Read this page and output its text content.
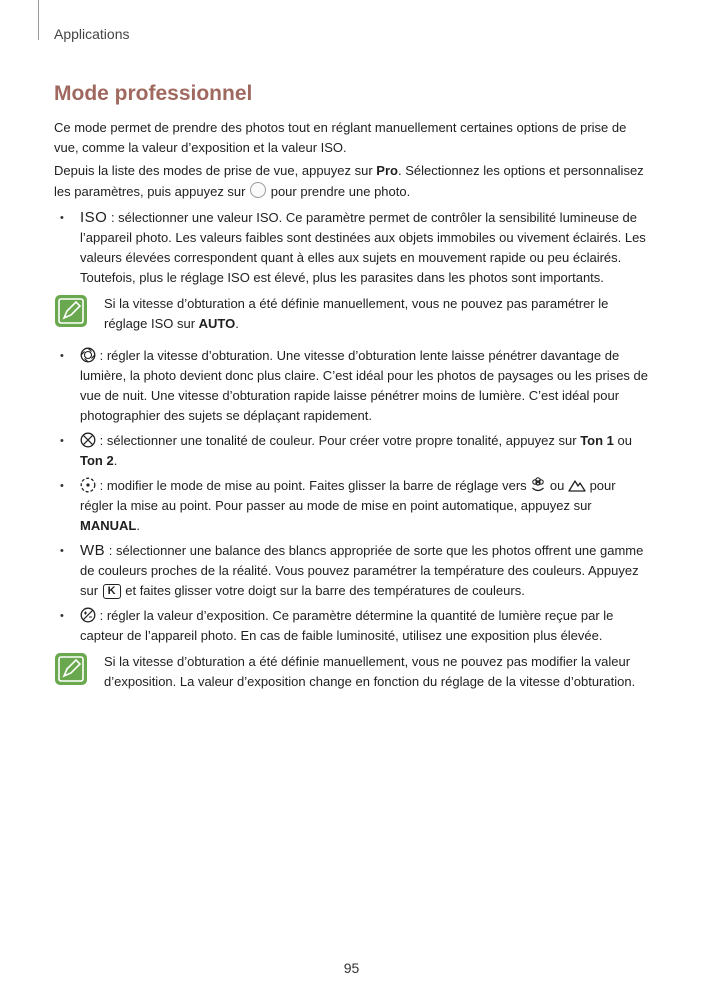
Applications
Mode professionnel

Ce mode permet de prendre des photos tout en réglant manuellement certaines options de prise de vue, comme la valeur d’exposition et la valeur ISO.

Depuis la liste des modes de prise de vue, appuyez sur Pro. Sélectionnez les options et personnalisez les paramètres, puis appuyez sur  pour prendre une photo.

• ISO : sélectionner une valeur ISO. Ce paramètre permet de contrôler la sensibilité lumineuse de l’appareil photo. Les valeurs faibles sont destinées aux objets immobiles ou vivement éclairés. Les valeurs élevées correspondent quant à elles aux sujets en mouvement rapide ou peu éclairés. Toutefois, plus le réglage ISO est élevé, plus les parasites dans les photos sont importants.
Si la vitesse d’obturation a été définie manuellement, vous ne pouvez pas paramétrer le réglage ISO sur AUTO.
• : régler la vitesse d’obturation. Une vitesse d’obturation lente laisse pénétrer davantage de lumière, la photo devient donc plus claire. C’est idéal pour les photos de paysages ou les prises de vue de nuit. Une vitesse d’obturation rapide laisse pénétrer moins de lumière. C’est idéal pour photographier des sujets se déplaçant rapidement.
• : sélectionner une tonalité de couleur. Pour créer votre propre tonalité, appuyez sur Ton 1 ou Ton 2.
• : modifier le mode de mise au point. Faites glisser la barre de réglage vers  ou  pour régler la mise au point. Pour passer au mode de mise en point automatique, appuyez sur MANUAL.
• WB : sélectionner une balance des blancs appropriée de sorte que les photos offrent une gamme de couleurs proches de la réalité. Vous pouvez paramétrer la température des couleurs. Appuyez sur K et faites glisser votre doigt sur la barre des températures de couleurs.
• : régler la valeur d’exposition. Ce paramètre détermine la quantité de lumière reçue par le capteur de l’appareil photo. En cas de faible luminosité, utilisez une exposition plus élevée.
Si la vitesse d’obturation a été définie manuellement, vous ne pouvez pas modifier la valeur d’exposition. La valeur d’exposition change en fonction du réglage de la vitesse d’obturation.
95
